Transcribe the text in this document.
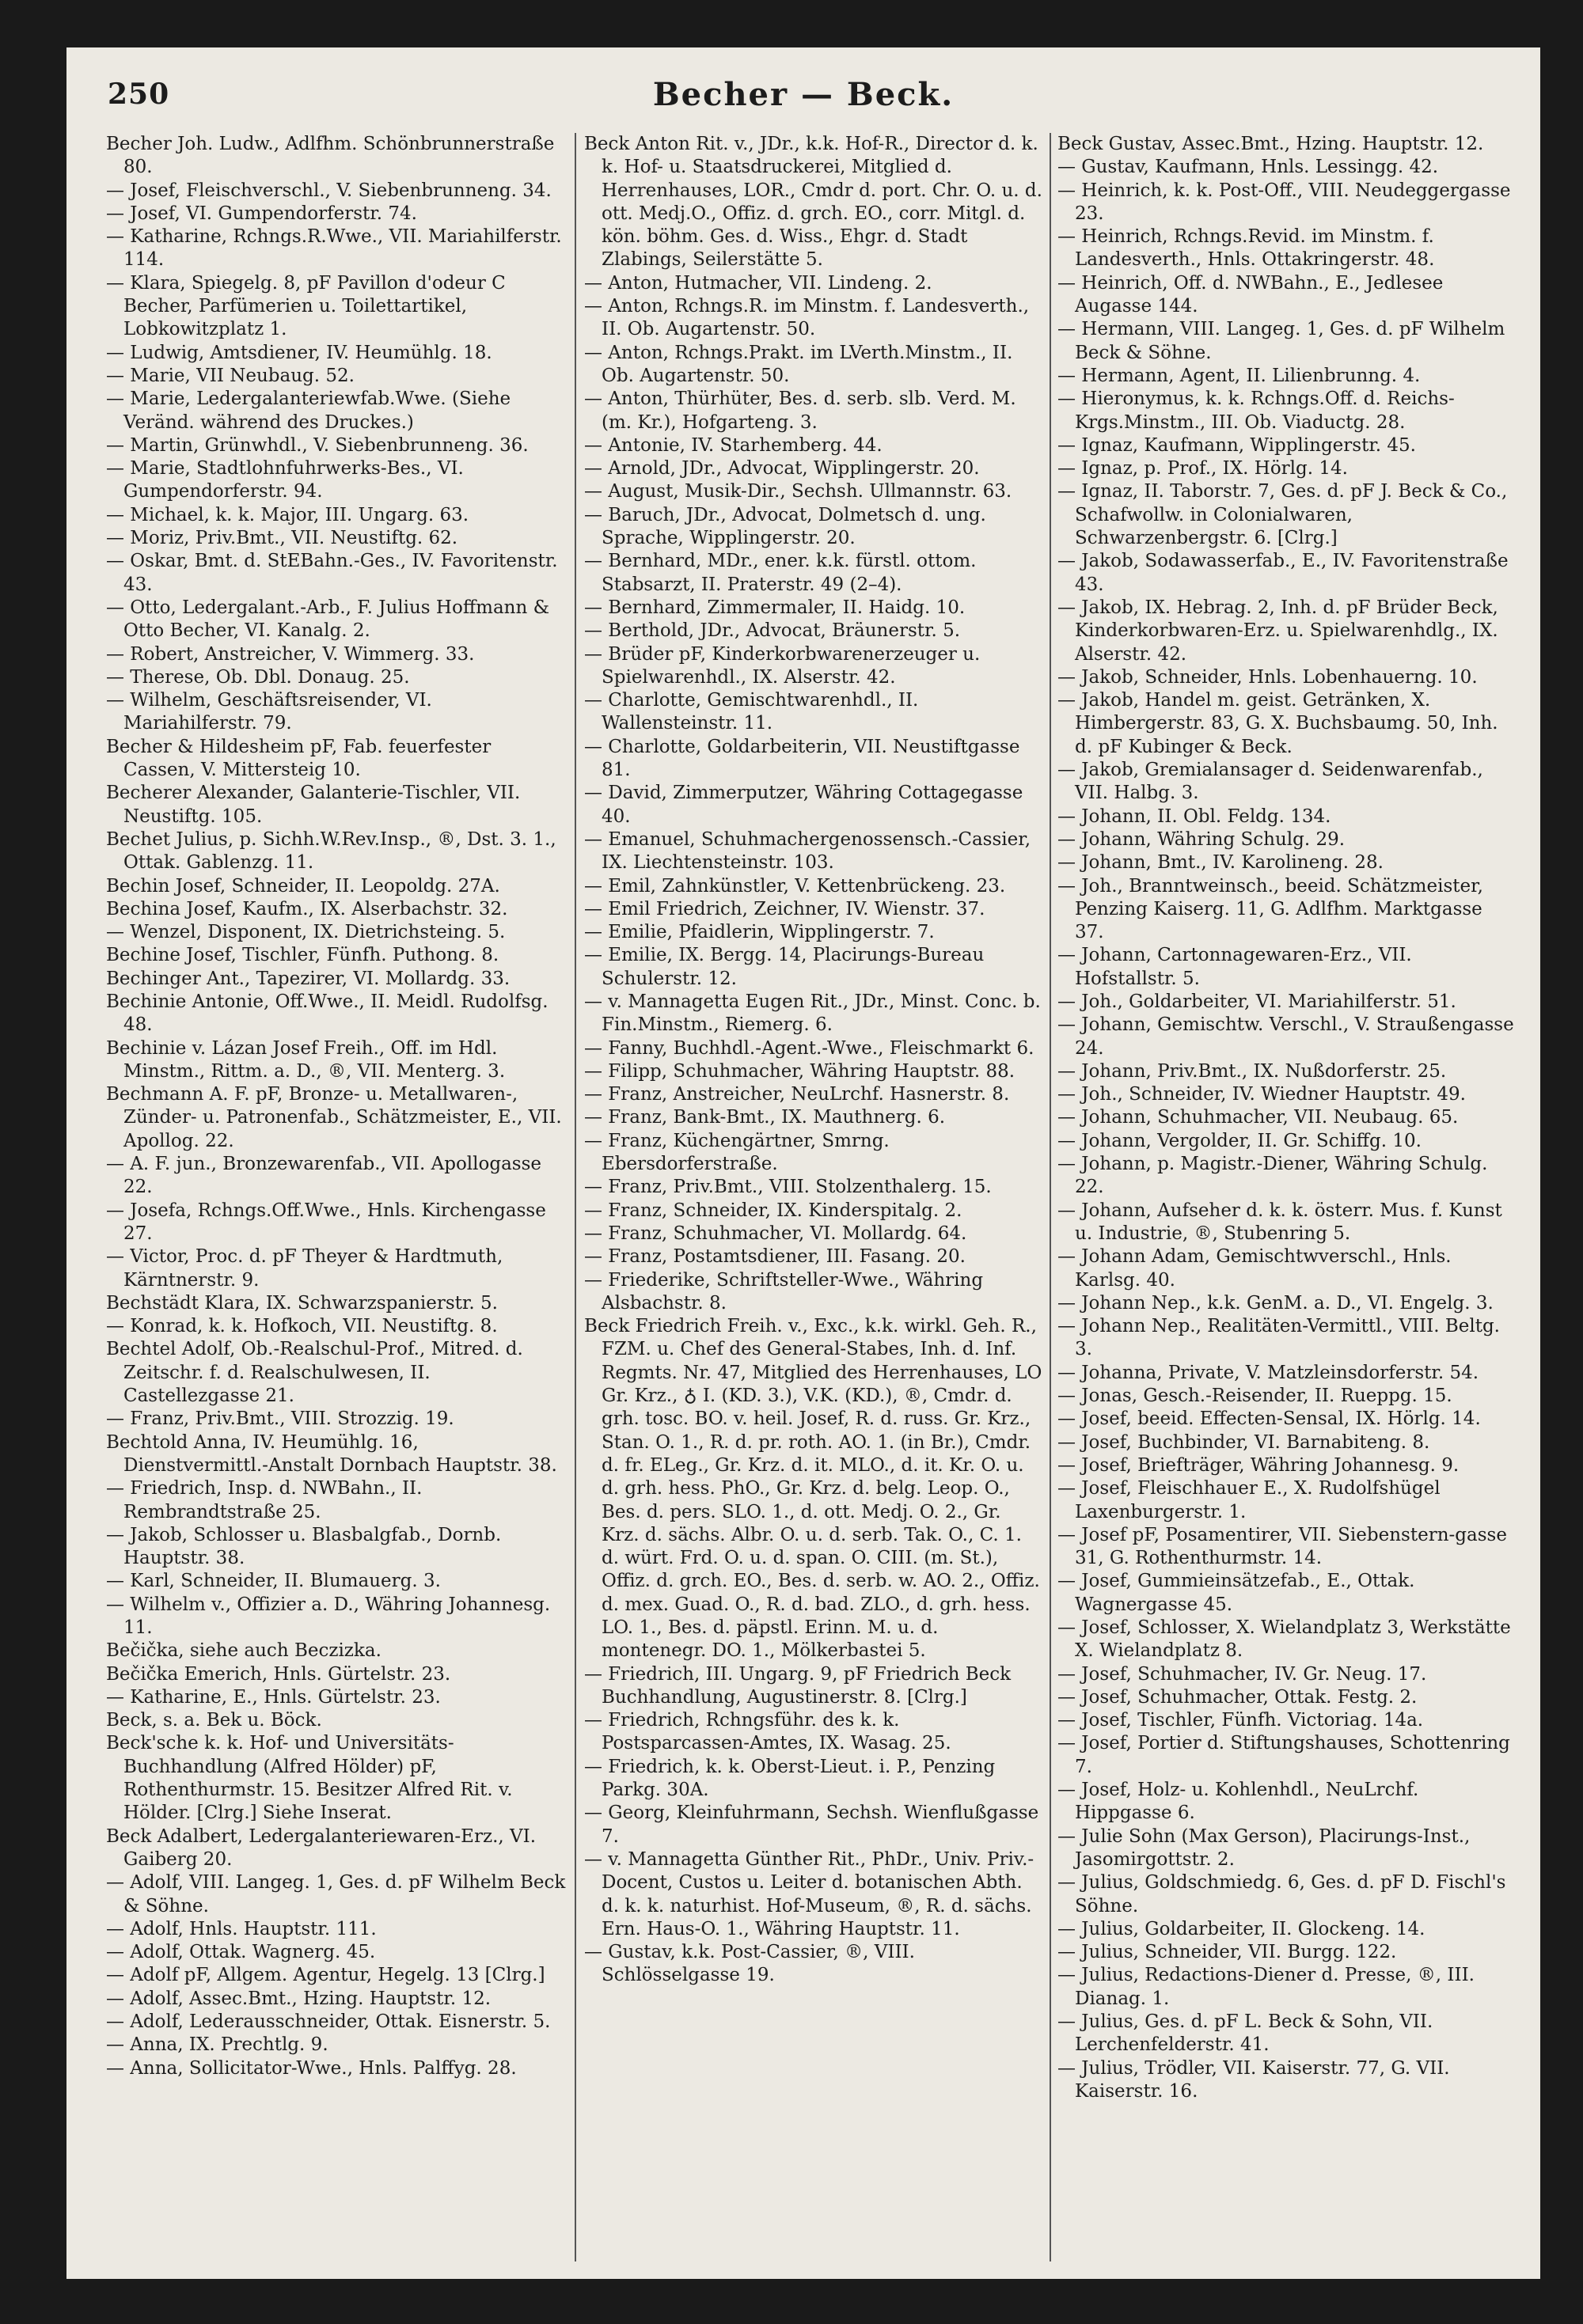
250	Becher — Beck.
Becher Joh. Ludw., Adlfhm. Schönbrunnerstraße 80.
— Josef, Fleischverschl., V. Siebenbrunneng. 34.
— Josef, VI. Gumpendorferstr. 74.
— Katharine, Rchngs.R.Wwe., VII. Mariahilferstr. 114.
— Klara, Spiegelg. 8, pF Pavillon d'odeur C Becher, Parfümerien u. Toilettartikel, Lobkowitzplatz 1.
— Ludwig, Amtsdiener, IV. Heumühlg. 18.
— Marie, VII Neubaug. 52.
— Marie, Ledergalanteriewfab.Wwe. (Siehe Veränd. während des Druckes.)
— Martin, Grünwhdl., V. Siebenbrunneng. 36.
— Marie, Stadtlohnfuhrwerks-Bes., VI. Gumpendorferstr. 94.
— Michael, k. k. Major, III. Ungarg. 63.
— Moriz, Priv.Bmt., VII. Neustiftg. 62.
— Oskar, Bmt. d. StEBahn.-Ges., IV. Favoritenstr. 43.
— Otto, Ledergalant.-Arb., F. Julius Hoffmann & Otto Becher, VI. Kanalg. 2.
— Robert, Anstreicher, V. Wimmerg. 33.
— Therese, Ob. Dbl. Donaug. 25.
— Wilhelm, Geschäftsreisender, VI. Mariahilferstr. 79.
Becher & Hildesheim pF, Fab. feuerfester Cassen, V. Mittersteig 10.
Becherer Alexander, Galanterie-Tischler, VII. Neustiftg. 105.
Bechet Julius, p. Sichh.W.Rev.Insp., ®, Dst. 3. 1., Ottak. Gablenzg. 11.
Bechin Josef, Schneider, II. Leopoldg. 27A.
Bechina Josef, Kaufm., IX. Alserbachstr. 32.
— Wenzel, Disponent, IX. Dietrichsteing. 5.
Bechine Josef, Tischler, Fünfh. Puthong. 8.
Bechinger Ant., Tapezirer, VI. Mollardg. 33.
Bechinie Antonie, Off.Wwe., II. Meidl. Rudolfsg. 48.
Bechinie v. Lázan Josef Freih., Off. im Hdl. Minstm., Rittm. a. D., ®, VII. Menterg. 3.
Bechmann A. F. pF, Bronze- u. Metallwaren-, Zünder- u. Patronenfab., Schätzmeister, E., VII. Apollog. 22.
— A. F. jun., Bronzewarenfab., VII. Apollogasse 22.
— Josefa, Rchngs.Off.Wwe., Hnls. Kirchengasse 27.
— Victor, Proc. d. pF Theyer & Hardtmuth, Kärntnerstr. 9.
Bechstädt Klara, IX. Schwarzspanierstr. 5.
— Konrad, k. k. Hofkoch, VII. Neustiftg. 8.
Bechtel Adolf, Ob.-Realschul-Prof., Mitred. d. Zeitschr. f. d. Realschulwesen, II. Castellezgasse 21.
— Franz, Priv.Bmt., VIII. Strozzig. 19.
Bechtold Anna, IV. Heumühlg. 16, Dienstvermittl.-Anstalt Dornbach Hauptstr. 38.
— Friedrich, Insp. d. NWBahn., II. Rembrandtstraße 25.
— Jakob, Schlosser u. Blasbalgfab., Dornb. Hauptstr. 38.
— Karl, Schneider, II. Blumauerg. 3.
— Wilhelm v., Offizier a. D., Währing Johannesg. 11.
Bečička, siehe auch Beczizka.
Bečička Emerich, Hnls. Gürtelstr. 23.
— Katharine, E., Hnls. Gürtelstr. 23.
Beck, s. a. Bek u. Böck.
Beck'sche k. k. Hof- und Universitäts-Buchhandlung (Alfred Hölder) pF, Rothenthurmstr. 15. Besitzer Alfred Rit. v. Hölder. [Clrg.] Siehe Inserat.
Beck Adalbert, Ledergalanteriewaren-Erz., VI. Gaiberg 20.
— Adolf, VIII. Langeg. 1, Ges. d. pF Wilhelm Beck & Söhne.
— Adolf, Hnls. Hauptstr. 111.
— Adolf, Ottak. Wagnerg. 45.
— Adolf pF, Allgem. Agentur, Hegelg. 13 [Clrg.]
— Adolf, Assec.Bmt., Hzing. Hauptstr. 12.
— Adolf, Lederausschneider, Ottak. Eisnerstr. 5.
— Anna, IX. Prechtlg. 9.
— Anna, Sollicitator-Wwe., Hnls. Palffyg. 28.
Beck Anton Rit. v., JDr., k.k. Hof-R., Director d. k. k. Hof- u. Staatsdruckerei, Mitglied d. Herrenhauses, LOR., Cmdr d. port. Chr. O. u. d. ott. Medj.O., Offiz. d. grch. EO., corr. Mitgl. d. kön. böhm. Ges. d. Wiss., Ehgr. d. Stadt Zlabings, Seilerstätte 5.
— Anton, Hutmacher, VII. Lindeng. 2.
— Anton, Rchngs.R. im Minstm. f. Landesverth., II. Ob. Augartenstr. 50.
— Anton, Rchngs.Prakt. im LVerth.Minstm., II. Ob. Augartenstr. 50.
— Anton, Thürhüter, Bes. d. serb. slb. Verd. M. (m. Kr.), Hofgarteng. 3.
— Antonie, IV. Starhemberg. 44.
— Arnold, JDr., Advocat, Wipplingerstr. 20.
— August, Musik-Dir., Sechsh. Ullmannstr. 63.
— Baruch, JDr., Advocat, Dolmetsch d. ung. Sprache, Wipplingerstr. 20.
— Bernhard, MDr., ener. k.k. fürstl. ottom. Stabsarzt, II. Praterstr. 49 (2–4).
— Bernhard, Zimmermaler, II. Haidg. 10.
— Berthold, JDr., Advocat, Bräunerstr. 5.
— Brüder pF, Kinderkorbwarenerzeuger u. Spielwarenhdl., IX. Alserstr. 42.
— Charlotte, Gemischtwarenhdl., II. Wallensteinstr. 11.
— Charlotte, Goldarbeiterin, VII. Neustiftgasse 81.
— David, Zimmerputzer, Währing Cottagegasse 40.
— Emanuel, Schuhmachergenossensch.-Cassier, IX. Liechtensteinstr. 103.
— Emil, Zahnkünstler, V. Kettenbrückeng. 23.
— Emil Friedrich, Zeichner, IV. Wienstr. 37.
— Emilie, Pfaidlerin, Wipplingerstr. 7.
— Emilie, IX. Bergg. 14, Placirungs-Bureau Schulerstr. 12.
— v. Mannagetta Eugen Rit., JDr., Minst. Conc. b. Fin.Minstm., Riemerg. 6.
— Fanny, Buchhdl.-Agent.-Wwe., Fleischmarkt 6.
— Filipp, Schuhmacher, Währing Hauptstr. 88.
— Franz, Anstreicher, NeuLrchf. Hasnerstr. 8.
— Franz, Bank-Bmt., IX. Mauthnerg. 6.
— Franz, Küchengärtner, Smrng. Ebersdorferstraße.
— Franz, Priv.Bmt., VIII. Stolzenthalerg. 15.
— Franz, Schneider, IX. Kinderspitalg. 2.
— Franz, Schuhmacher, VI. Mollardg. 64.
— Franz, Postamtsdiener, III. Fasang. 20.
— Friederike, Schriftsteller-Wwe., Währing Alsbachstr. 8.
Beck Friedrich Freih. v., Exc., k.k. wirkl. Geh. R., FZM. u. Chef des General-Stabes, Inh. d. Inf. Regmts. Nr. 47, Mitglied des Herrenhauses, LO Gr. Krz., ♁ I. (KD. 3.), V.K. (KD.), ®, Cmdr. d. grh. tosc. BO. v. heil. Josef, R. d. russ. Gr. Krz., Stan. O. 1., R. d. pr. roth. AO. 1. (in Br.), Cmdr. d. fr. ELeg., Gr. Krz. d. it. MLO., d. it. Kr. O. u. d. grh. hess. PhO., Gr. Krz. d. belg. Leop. O., Bes. d. pers. SLO. 1., d. ott. Medj. O. 2., Gr. Krz. d. sächs. Albr. O. u. d. serb. Tak. O., C. 1. d. würt. Frd. O. u. d. span. O. CIII. (m. St.), Offiz. d. grch. EO., Bes. d. serb. w. AO. 2., Offiz. d. mex. Guad. O., R. d. bad. ZLO., d. grh. hess. LO. 1., Bes. d. päpstl. Erinn. M. u. d. montenegr. DO. 1., Mölkerbastei 5.
— Friedrich, III. Ungarg. 9, pF Friedrich Beck Buchhandlung, Augustinerstr. 8. [Clrg.]
— Friedrich, Rchngsführ. des k. k. Postsparcassen-Amtes, IX. Wasag. 25.
— Friedrich, k. k. Oberst-Lieut. i. P., Penzing Parkg. 30A.
— Georg, Kleinfuhrmann, Sechsh. Wienflußgasse 7.
— v. Mannagetta Günther Rit., PhDr., Univ. Priv.-Docent, Custos u. Leiter d. botanischen Abth. d. k. k. naturhist. Hof-Museum, ®, R. d. sächs. Ern. Haus-O. 1., Währing Hauptstr. 11.
— Gustav, k.k. Post-Cassier, ®, VIII. Schlösselgasse 19.
Beck Gustav, Assec.Bmt., Hzing. Hauptstr. 12.
— Gustav, Kaufmann, Hnls. Lessingg. 42.
— Heinrich, k. k. Post-Off., VIII. Neudeggergasse 23.
— Heinrich, Rchngs.Revid. im Minstm. f. Landesverth., Hnls. Ottakringerstr. 48.
— Heinrich, Off. d. NWBahn., E., Jedlesee Augasse 144.
— Hermann, VIII. Langeg. 1, Ges. d. pF Wilhelm Beck & Söhne.
— Hermann, Agent, II. Lilienbrunng. 4.
— Hieronymus, k. k. Rchngs.Off. d. Reichs-Krgs.Minstm., III. Ob. Viaductg. 28.
— Ignaz, Kaufmann, Wipplingerstr. 45.
— Ignaz, p. Prof., IX. Hörlg. 14.
— Ignaz, II. Taborstr. 7, Ges. d. pF J. Beck & Co., Schafwollw. in Colonialwaren, Schwarzenbergstr. 6. [Clrg.]
— Jakob, Sodawasserfab., E., IV. Favoritenstraße 43.
— Jakob, IX. Hebrag. 2, Inh. d. pF Brüder Beck, Kinderkorbwaren-Erz. u. Spielwarenhdlg., IX. Alserstr. 42.
— Jakob, Schneider, Hnls. Lobenhauerng. 10.
— Jakob, Handel m. geist. Getränken, X. Himbergerstr. 83, G. X. Buchsbaumg. 50, Inh. d. pF Kubinger & Beck.
— Jakob, Gremialansager d. Seidenwarenfab., VII. Halbg. 3.
— Johann, II. Obl. Feldg. 134.
— Johann, Währing Schulg. 29.
— Johann, Bmt., IV. Karolineng. 28.
— Joh., Branntweinsch., beeid. Schätzmeister, Penzing Kaiserg. 11, G. Adlfhm. Marktgasse 37.
— Johann, Cartonnagewaren-Erz., VII. Hofstallstr. 5.
— Joh., Goldarbeiter, VI. Mariahilferstr. 51.
— Johann, Gemischtw. Verschl., V. Straußengasse 24.
— Johann, Priv.Bmt., IX. Nußdorferstr. 25.
— Joh., Schneider, IV. Wiedner Hauptstr. 49.
— Johann, Schuhmacher, VII. Neubaug. 65.
— Johann, Vergolder, II. Gr. Schiffg. 10.
— Johann, p. Magistr.-Diener, Währing Schulg. 22.
— Johann, Aufseher d. k. k. österr. Mus. f. Kunst u. Industrie, ®, Stubenring 5.
— Johann Adam, Gemischtwverschl., Hnls. Karlsg. 40.
— Johann Nep., k.k. GenM. a. D., VI. Engelg. 3.
— Johann Nep., Realitäten-Vermittl., VIII. Beltg. 3.
— Johanna, Private, V. Matzleinsdorferstr. 54.
— Jonas, Gesch.-Reisender, II. Rueppg. 15.
— Josef, beeid. Effecten-Sensal, IX. Hörlg. 14.
— Josef, Buchbinder, VI. Barnabiteng. 8.
— Josef, Briefträger, Währing Johannesg. 9.
— Josef, Fleischhauer E., X. Rudolfshügel Laxenburgerstr. 1.
— Josef pF, Posamentirer, VII. Siebenstern-gasse 31, G. Rothenthurmstr. 14.
— Josef, Gummieinsätzefab., E., Ottak. Wagnergasse 45.
— Josef, Schlosser, X. Wielandplatz 3, Werkstätte X. Wielandplatz 8.
— Josef, Schuhmacher, IV. Gr. Neug. 17.
— Josef, Schuhmacher, Ottak. Festg. 2.
— Josef, Tischler, Fünfh. Victoriag. 14a.
— Josef, Portier d. Stiftungshauses, Schottenring 7.
— Josef, Holz- u. Kohlenhdl., NeuLrchf. Hippgasse 6.
— Julie Sohn (Max Gerson), Placirungs-Inst., Jasomirgottstr. 2.
— Julius, Goldschmiedg. 6, Ges. d. pF D. Fischl's Söhne.
— Julius, Goldarbeiter, II. Glockeng. 14.
— Julius, Schneider, VII. Burgg. 122.
— Julius, Redactions-Diener d. Presse, ®, III. Dianag. 1.
— Julius, Ges. d. pF L. Beck & Sohn, VII. Lerchenfelderstr. 41.
— Julius, Trödler, VII. Kaiserstr. 77, G. VII. Kaiserstr. 16.
